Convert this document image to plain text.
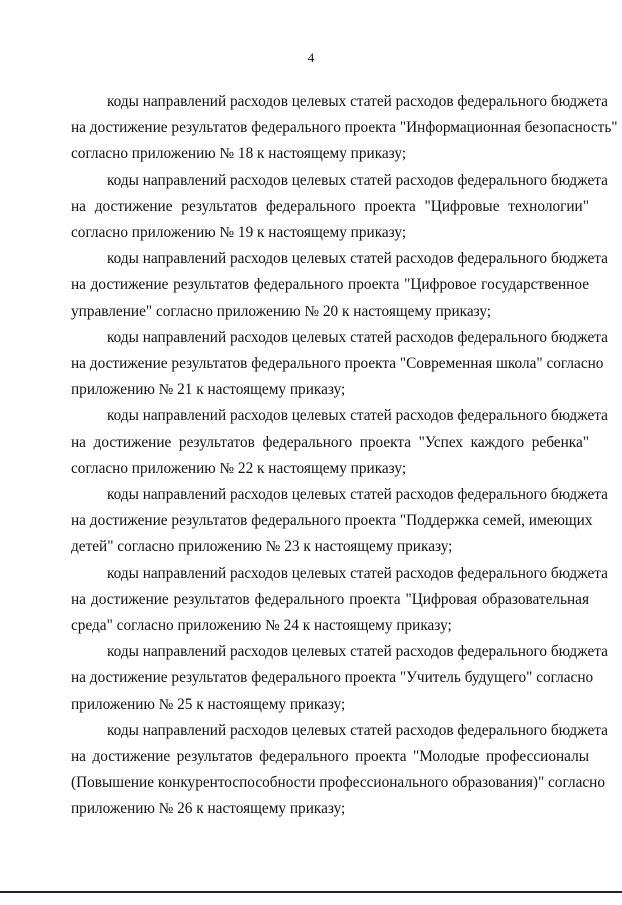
4
коды направлений расходов целевых статей расходов федерального бюджета
на достижение результатов федерального проекта "Информационная безопасность"
согласно приложению № 18 к настоящему приказу;
коды направлений расходов целевых статей расходов федерального бюджета
на достижение результатов федерального проекта "Цифровые технологии"
согласно приложению № 19 к настоящему приказу;
коды направлений расходов целевых статей расходов федерального бюджета
на достижение результатов федерального проекта "Цифровое государственное
управление" согласно приложению № 20 к настоящему приказу;
коды направлений расходов целевых статей расходов федерального бюджета
на достижение результатов федерального проекта "Современная школа" согласно
приложению № 21 к настоящему приказу;
коды направлений расходов целевых статей расходов федерального бюджета
на достижение результатов федерального проекта "Успех каждого ребенка"
согласно приложению № 22 к настоящему приказу;
коды направлений расходов целевых статей расходов федерального бюджета
на достижение результатов федерального проекта "Поддержка семей, имеющих
детей" согласно приложению № 23 к настоящему приказу;
коды направлений расходов целевых статей расходов федерального бюджета
на достижение результатов федерального проекта "Цифровая образовательная
среда" согласно приложению № 24 к настоящему приказу;
коды направлений расходов целевых статей расходов федерального бюджета
на достижение результатов федерального проекта "Учитель будущего" согласно
приложению № 25 к настоящему приказу;
коды направлений расходов целевых статей расходов федерального бюджета
на достижение результатов федерального проекта "Молодые профессионалы
(Повышение конкурентоспособности профессионального образования)" согласно
приложению № 26 к настоящему приказу;
